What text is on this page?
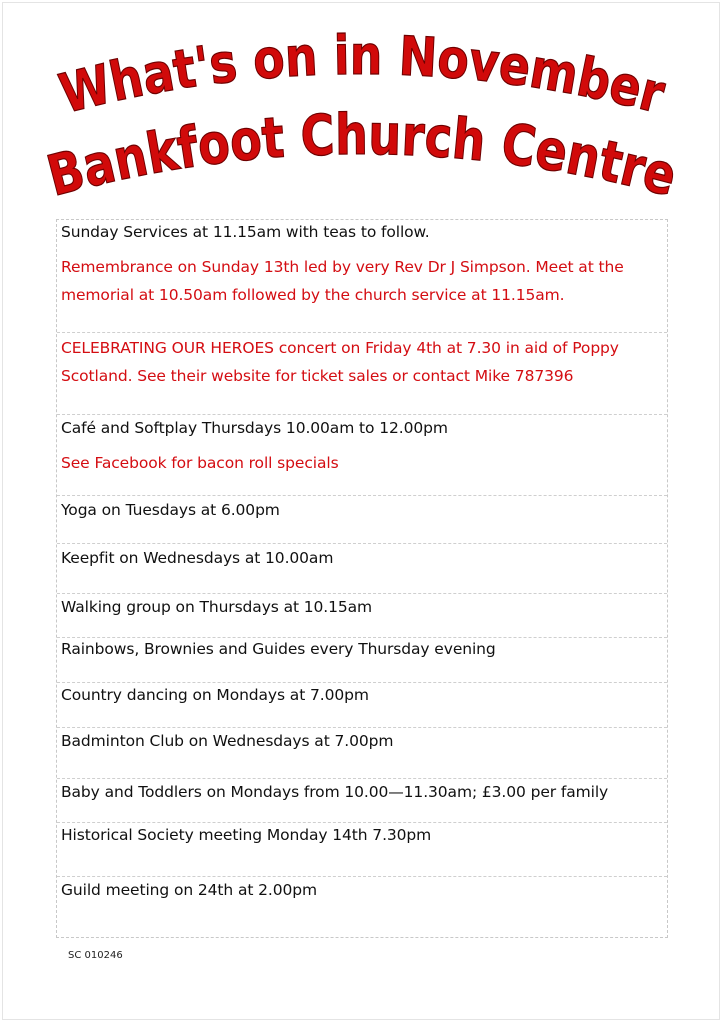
What's on in November
Bankfoot Church Centre
Sunday Services at 11.15am with teas to follow.
Remembrance on Sunday 13th led by very Rev Dr J Simpson. Meet at the
memorial at 10.50am followed by the church service at 11.15am.
CELEBRATING OUR HEROES concert on Friday 4th at 7.30 in aid of Poppy
Scotland. See their website for ticket sales or contact Mike 787396
Café and Softplay Thursdays 10.00am to 12.00pm
See Facebook for bacon roll specials
Yoga on Tuesdays at 6.00pm
Keepfit on Wednesdays at 10.00am
Walking group on Thursdays at 10.15am
Rainbows, Brownies and Guides every Thursday evening
Country dancing on Mondays at 7.00pm
Badminton Club on Wednesdays at 7.00pm
Baby and Toddlers on Mondays from 10.00—11.30am; £3.00 per family
Historical Society meeting Monday 14th 7.30pm
Guild meeting on 24th at 2.00pm
SC 010246
